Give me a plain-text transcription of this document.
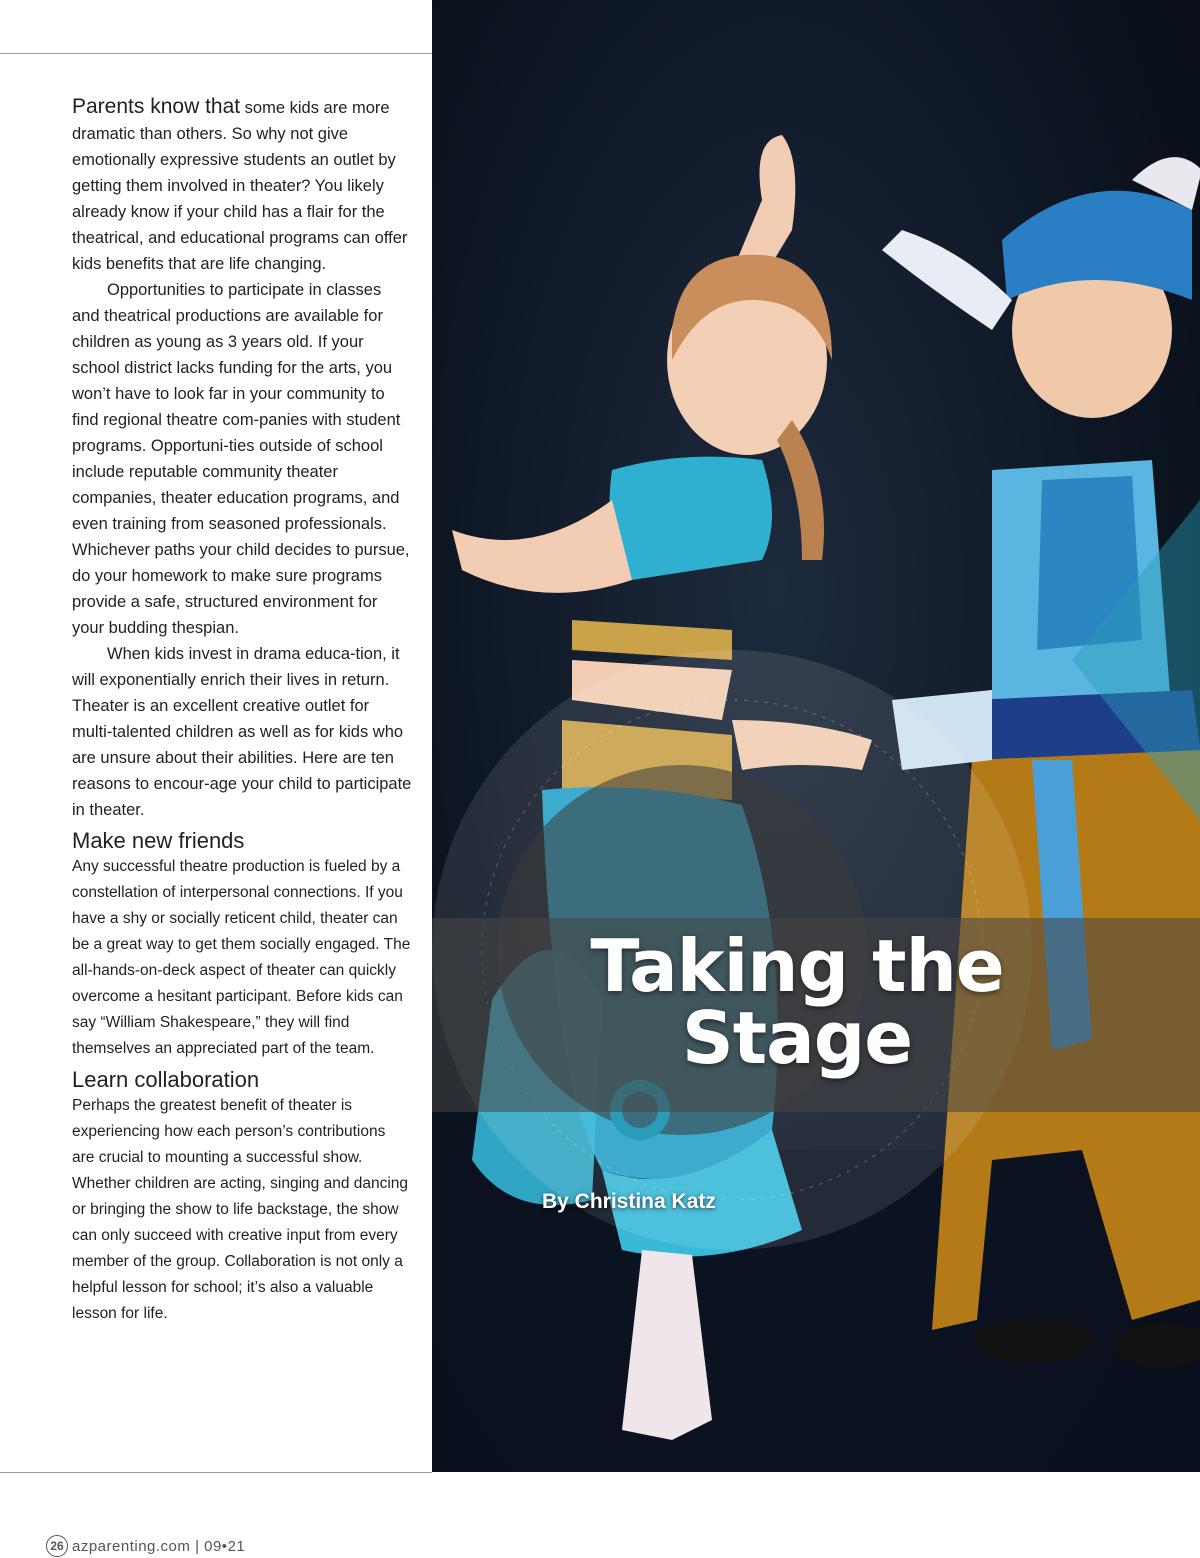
Parents know that some kids are more dramatic than others. So why not give emotionally expressive students an outlet by getting them involved in theater? You likely already know if your child has a flair for the theatrical, and educational programs can offer kids benefits that are life changing.

Opportunities to participate in classes and theatrical productions are available for children as young as 3 years old. If your school district lacks funding for the arts, you won’t have to look far in your community to find regional theatre com-panies with student programs. Opportuni-ties outside of school include reputable community theater companies, theater education programs, and even training from seasoned professionals. Whichever paths your child decides to pursue, do your homework to make sure programs provide a safe, structured environment for your budding thespian.

When kids invest in drama educa-tion, it will exponentially enrich their lives in return. Theater is an excellent creative outlet for multi-talented children as well as for kids who are unsure about their abilities. Here are ten reasons to encour-age your child to participate in theater.

Make new friends

Any successful theatre production is fueled by a constellation of interpersonal connections. If you have a shy or socially reticent child, theater can be a great way to get them socially engaged. The all-hands-on-deck aspect of theater can quickly overcome a hesitant participant. Before kids can say “William Shakespeare,” they will find themselves an appreciated part of the team.

Learn collaboration

Perhaps the greatest benefit of theater is experiencing how each person’s contributions are crucial to mounting a successful show. Whether children are acting, singing and dancing or bringing the show to life backstage, the show can only succeed with creative input from every member of the group. Collaboration is not only a helpful lesson for school; it’s also a valuable lesson for life.

26 azparenting.com | 09•21
Taking the
Stage
By Christina Katz
